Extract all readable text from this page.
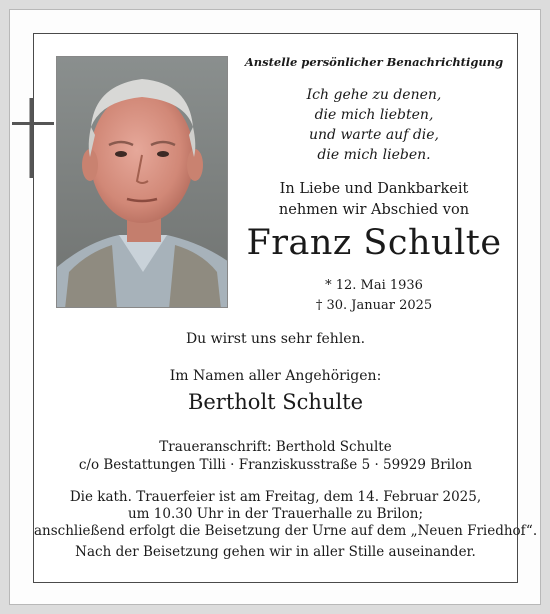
Anstelle persönlicher Benachrichtigung
Ich gehe zu denen,
die mich liebten,
und warte auf die,
die mich lieben.
In Liebe und Dankbarkeit
nehmen wir Abschied von
Franz Schulte
* 12. Mai 1936
† 30. Januar 2025
Du wirst uns sehr fehlen.
Im Namen aller Angehörigen:
Bertholt Schulte
Traueranschrift: Berthold Schulte
c/o Bestattungen Tilli · Franziskusstraße 5 · 59929 Brilon
Die kath. Trauerfeier ist am Freitag, dem 14. Februar 2025,
um 10.30 Uhr in der Trauerhalle zu Brilon;
anschließend erfolgt die Beisetzung der Urne auf dem „Neuen Friedhof“.
Nach der Beisetzung gehen wir in aller Stille auseinander.
